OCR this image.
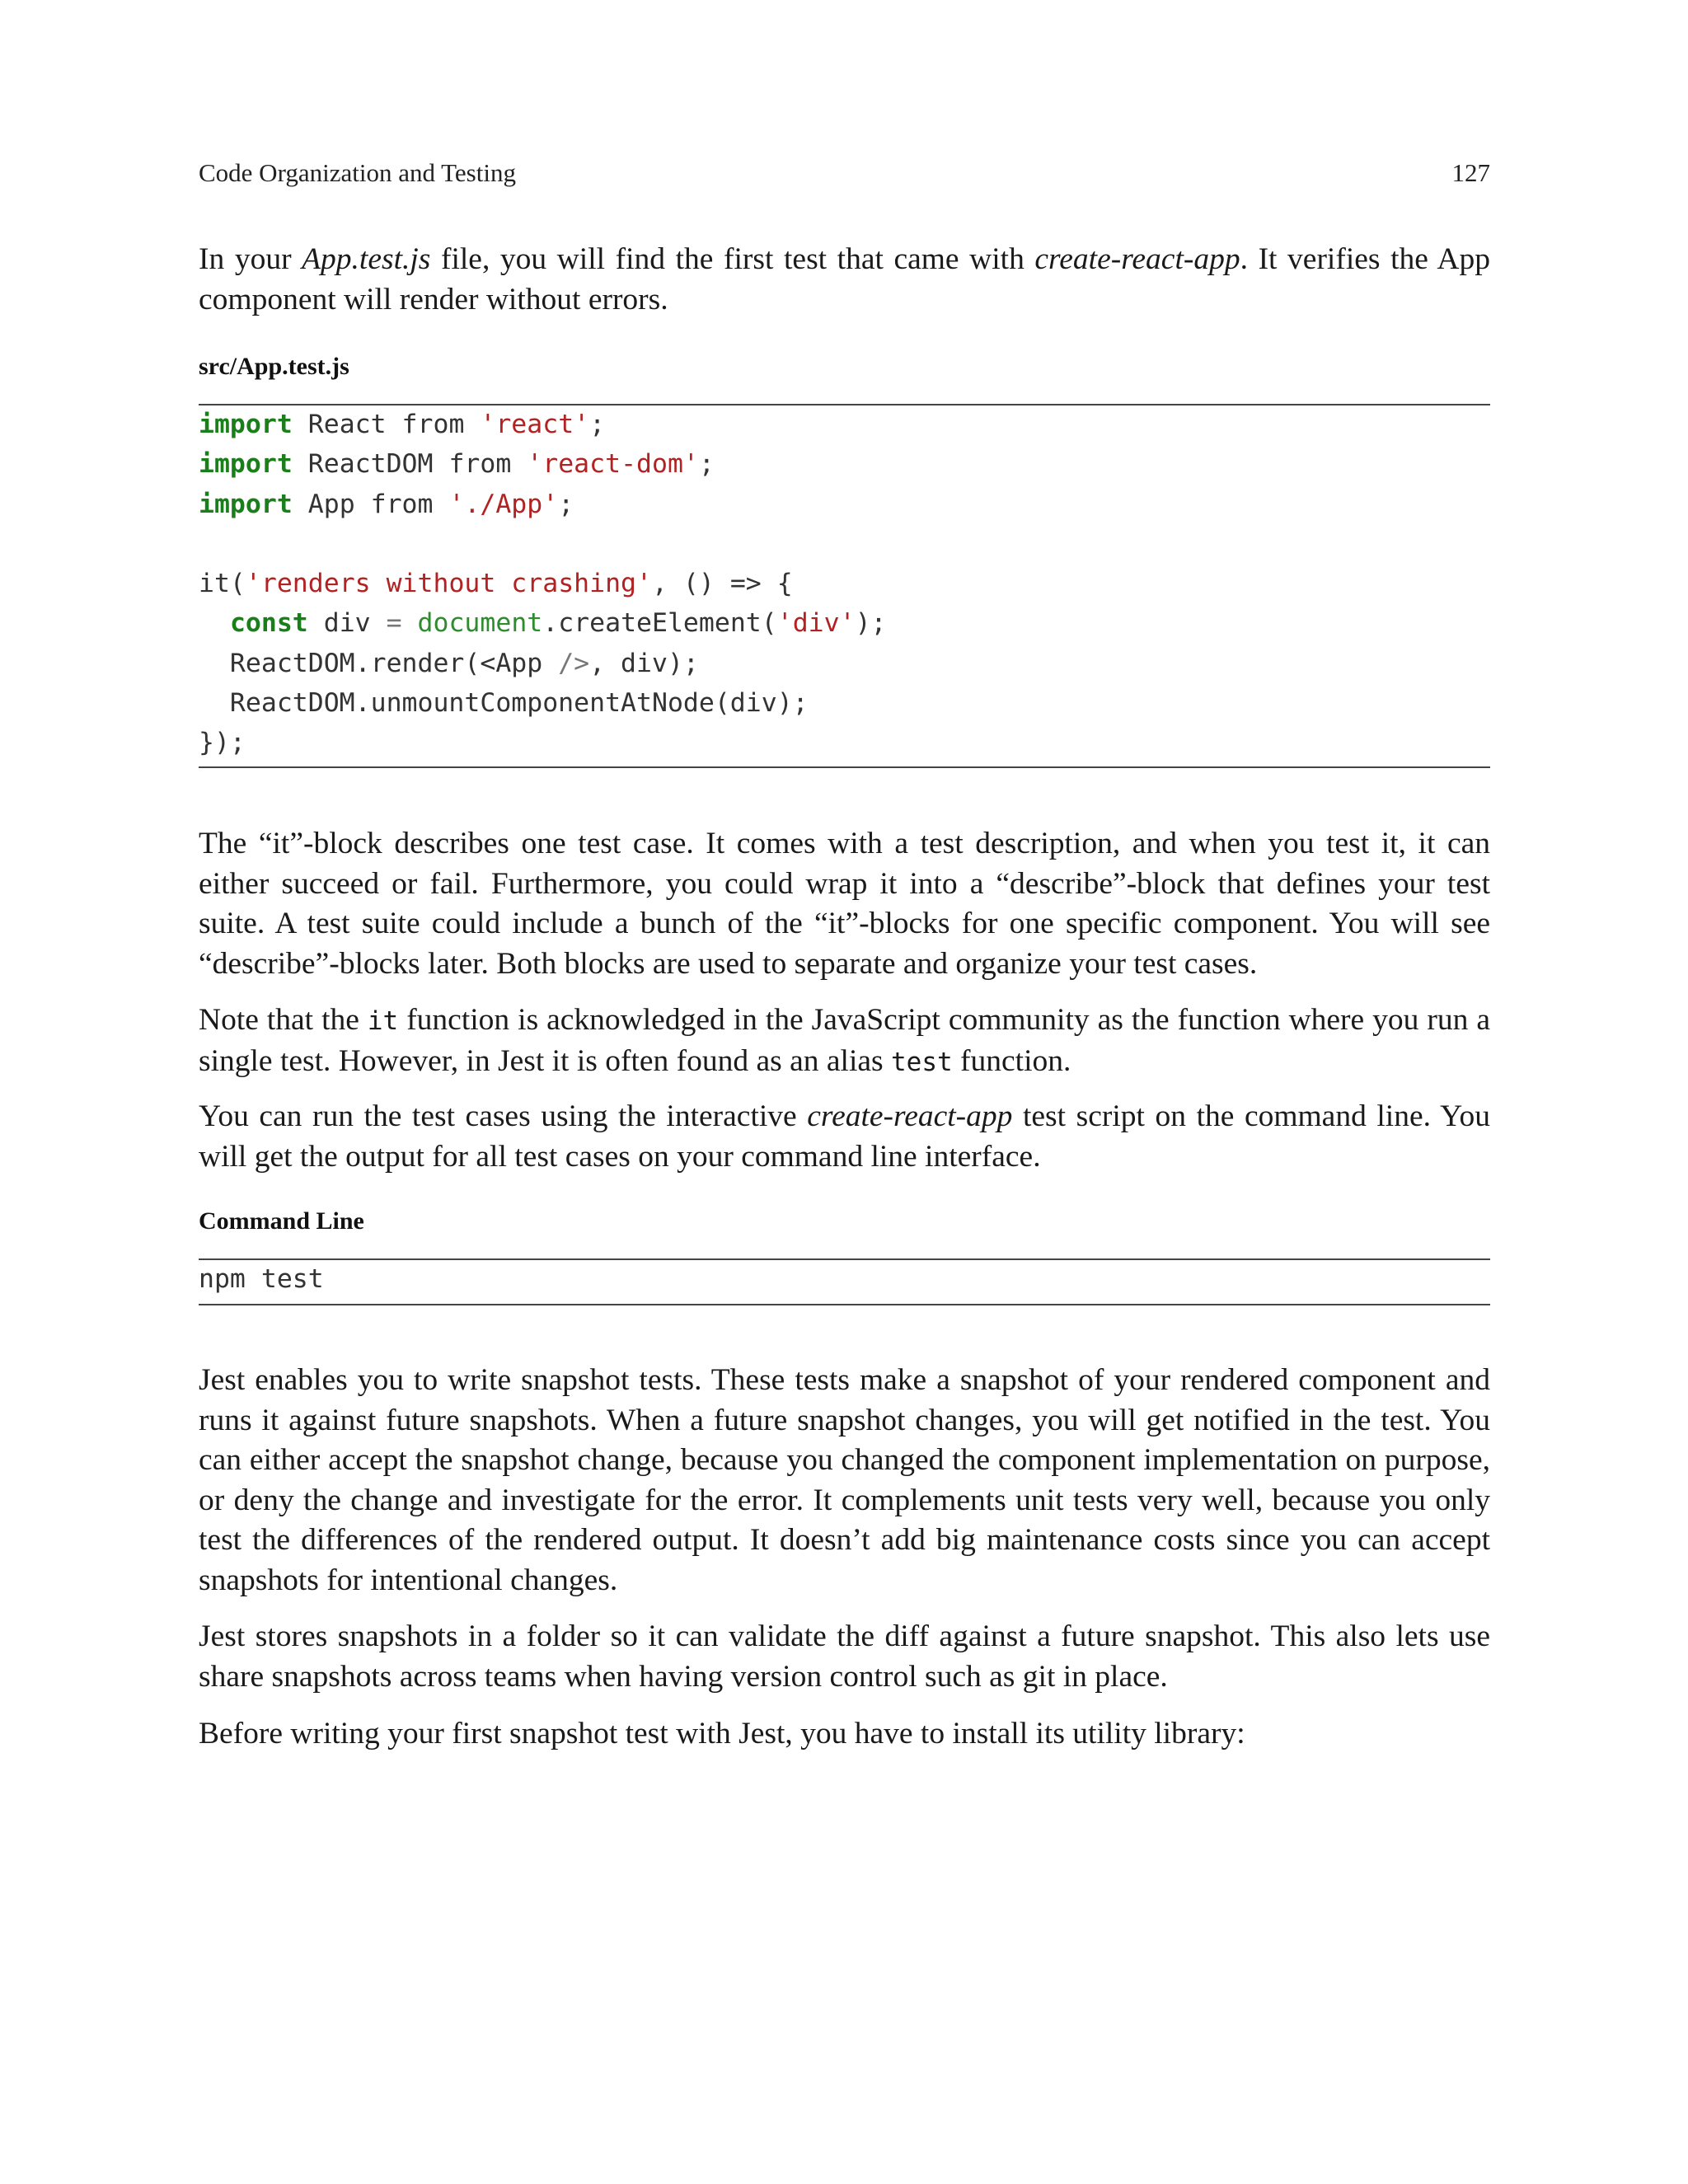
Code Organization and Testing	127

In your App.test.js file, you will find the first test that came with create-react-app. It verifies the App component will render without errors.

src/App.test.js
import React from 'react';
import ReactDOM from 'react-dom';
import App from './App';

it('renders without crashing', () => {
const div = document.createElement('div');
ReactDOM.render(<App />, div);
ReactDOM.unmountComponentAtNode(div);
});

The “it”-block describes one test case. It comes with a test description, and when you test it, it can either succeed or fail. Furthermore, you could wrap it into a “describe”-block that defines your test suite. A test suite could include a bunch of the “it”-blocks for one specific component. You will see “describe”-blocks later. Both blocks are used to separate and organize your test cases.

Note that the it function is acknowledged in the JavaScript community as the function where you run a single test. However, in Jest it is often found as an alias test function.

You can run the test cases using the interactive create-react-app test script on the command line. You will get the output for all test cases on your command line interface.

Command Line
npm test

Jest enables you to write snapshot tests. These tests make a snapshot of your rendered component and runs it against future snapshots. When a future snapshot changes, you will get notified in the test. You can either accept the snapshot change, because you changed the component implementation on purpose, or deny the change and investigate for the error. It complements unit tests very well, because you only test the differences of the rendered output. It doesn’t add big maintenance costs since you can accept snapshots for intentional changes.

Jest stores snapshots in a folder so it can validate the diff against a future snapshot. This also lets use share snapshots across teams when having version control such as git in place.

Before writing your first snapshot test with Jest, you have to install its utility library:
